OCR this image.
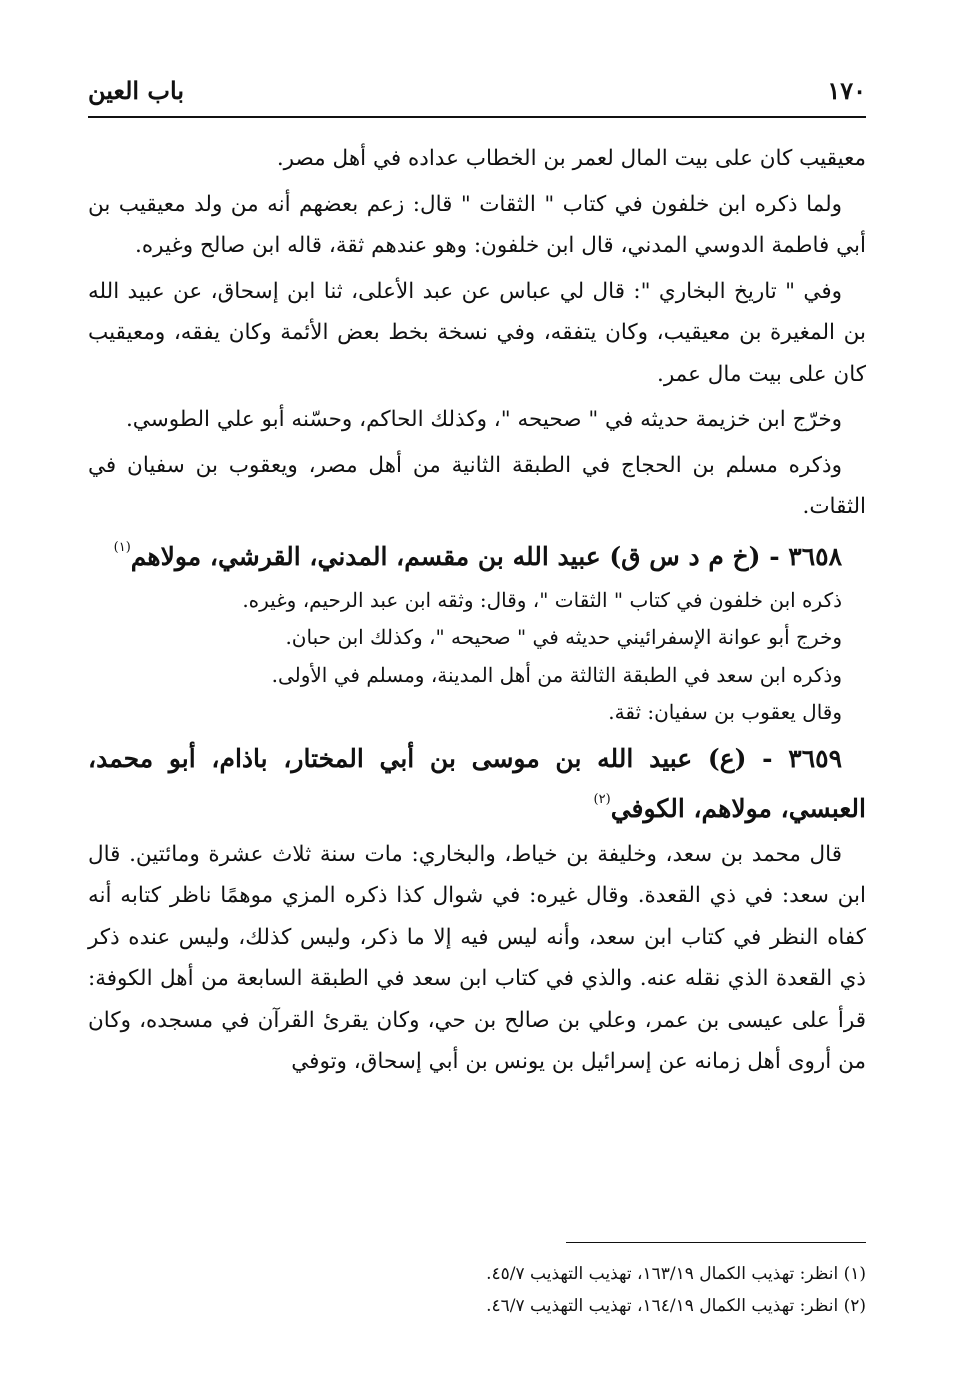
١٧٠
باب العين

معيقيب كان على بيت المال لعمر بن الخطاب عداده في أهل مصر.

ولما ذكره ابن خلفون في كتاب " الثقات " قال: زعم بعضهم أنه من ولد معيقيب بن أبي فاطمة الدوسي المدني، قال ابن خلفون: وهو عندهم ثقة، قاله ابن صالح وغيره.

وفي " تاريخ البخاري ": قال لي عباس عن عبد الأعلى، ثنا ابن إسحاق، عن عبيد الله بن المغيرة بن معيقيب، وكان يتفقه، وفي نسخة بخط بعض الأئمة وكان يفقه، ومعيقيب كان على بيت مال عمر.

وخرّج ابن خزيمة حديثه في " صحيحه "، وكذلك الحاكم، وحسّنه أبو علي الطوسي.

وذكره مسلم بن الحجاج في الطبقة الثانية من أهل مصر، ويعقوب بن سفيان في الثقات.

٣٦٥٨ - (خ م د س ق) عبيد الله بن مقسم، المدني، القرشي، مولاهم$^{(١)}$
ذكره ابن خلفون في كتاب " الثقات "، وقال: وثقه ابن عبد الرحيم، وغيره.
وخرج أبو عوانة الإسفرائيني حديثه في " صحيحه "، وكذلك ابن حبان.
وذكره ابن سعد في الطبقة الثالثة من أهل المدينة، ومسلم في الأولى.
وقال يعقوب بن سفيان: ثقة.
٣٦٥٩ - (ع) عبيد الله بن موسى بن أبي المختار، باذام، أبو محمد، العبسي، مولاهم، الكوفي$^{(٢)}$

قال محمد بن سعد، وخليفة بن خياط، والبخاري: مات سنة ثلاث عشرة ومائتين. قال ابن سعد: في ذي القعدة. وقال غيره: في شوال كذا ذكره المزي موهمًا ناظر كتابه أنه كفاه النظر في كتاب ابن سعد، وأنه ليس فيه إلا ما ذكر، وليس كذلك، وليس عنده ذكر ذي القعدة الذي نقله عنه. والذي في كتاب ابن سعد في الطبقة السابعة من أهل الكوفة: قرأ على عيسى بن عمر، وعلي بن صالح بن حي، وكان يقرئ القرآن في مسجده، وكان من أروى أهل زمانه عن إسرائيل بن يونس بن أبي إسحاق، وتوفي

(١) انظر: تهذيب الكمال ١٦٣/١٩، تهذيب التهذيب ٤٥/٧.
(٢) انظر: تهذيب الكمال ١٦٤/١٩، تهذيب التهذيب ٤٦/٧.
